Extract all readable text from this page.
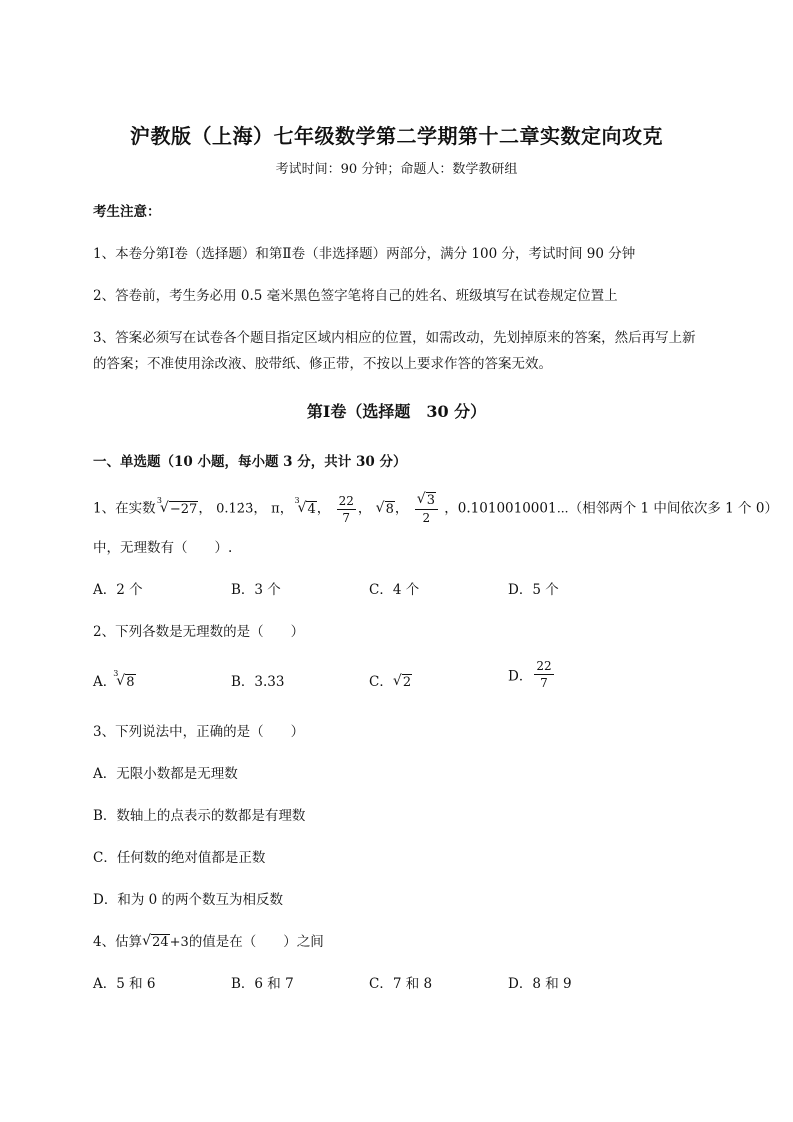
沪教版（上海）七年级数学第二学期第十二章实数定向攻克
考试时间：90 分钟；命题人：数学教研组
考生注意：
1、本卷分第Ⅰ卷（选择题）和第Ⅱ卷（非选择题）两部分，满分 100 分，考试时间 90 分钟
2、答卷前，考生务必用 0.5 毫米黑色签字笔将自己的姓名、班级填写在试卷规定位置上
3、答案必须写在试卷各个题目指定区域内相应的位置，如需改动，先划掉原来的答案，然后再写上新
的答案；不准使用涂改液、胶带纸、修正带，不按以上要求作答的答案无效。
第Ⅰ卷（选择题　30 分）
一、单选题（10 小题，每小题 3 分，共计 30 分）
1、在实数
3
√ −27， 0.12̇3̇， π，
3
√ 4， $\frac{22}{7}$ ， √ 8， $\frac{√ 3}{2}$ ，0.1010010001⋯（相邻两个 1 中间依次多 1 个 0）
中，无理数有（　　）.
A．2 个	B．3 个	C．4 个	D．5 个
2、下列各数是无理数的是（　　）
A．
3
√ 8	B．3.33	C． √ 2	D． $\frac{22}{7}$
3、下列说法中，正确的是（　　）
A．无限小数都是无理数
B．数轴上的点表示的数都是有理数
C．任何数的绝对值都是正数
D．和为 0 的两个数互为相反数
4、估算 √ 24+3的值是在（　　）之间
A．5 和 6	B．6 和 7	C．7 和 8	D．8 和 9
